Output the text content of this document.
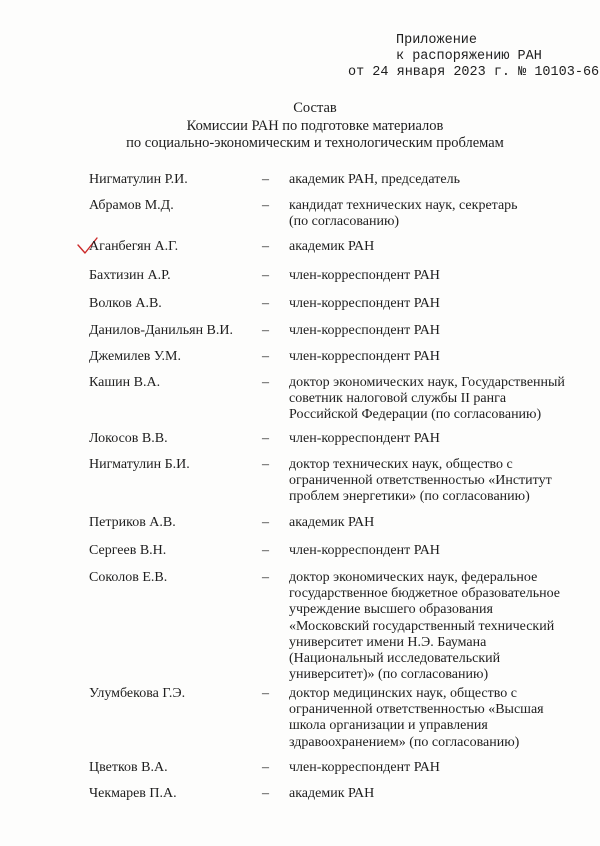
Приложение
к распоряжению РАН
от 24 января 2023 г. № 10103-66
Состав
Комиссии РАН по подготовке материалов
по социально-экономическим и технологическим проблемам
Нигматулин Р.И.	– академик РАН, председатель
Абрамов М.Д.	– кандидат технических наук, секретарь
(по согласованию)
Аганбегян А.Г.	– академик РАН
Бахтизин А.Р.	– член-корреспондент РАН
Волков А.В.	– член-корреспондент РАН
Данилов-Данильян В.И. – член-корреспондент РАН
Джемилев У.М.	– член-корреспондент РАН
Кашин В.А.	– доктор экономических наук, Государственный
советник налоговой службы II ранга
Российской Федерации (по согласованию)
Локосов В.В.	– член-корреспондент РАН
Нигматулин Б.И.	– доктор технических наук, общество с
ограниченной ответственностью «Институт
проблем энергетики» (по согласованию)
Петриков А.В.	– академик РАН
Сергеев В.Н.	– член-корреспондент РАН
Соколов Е.В.	– доктор экономических наук, федеральное
государственное бюджетное образовательное
учреждение высшего образования
«Московский государственный технический
университет имени Н.Э. Баумана
(Национальный исследовательский
университет)» (по согласованию)
Улумбекова Г.Э.	– доктор медицинских наук, общество с
ограниченной ответственностью «Высшая
школа организации и управления
здравоохранением» (по согласованию)
Цветков В.А.	– член-корреспондент РАН
Чекмарев П.А.	– академик РАН
